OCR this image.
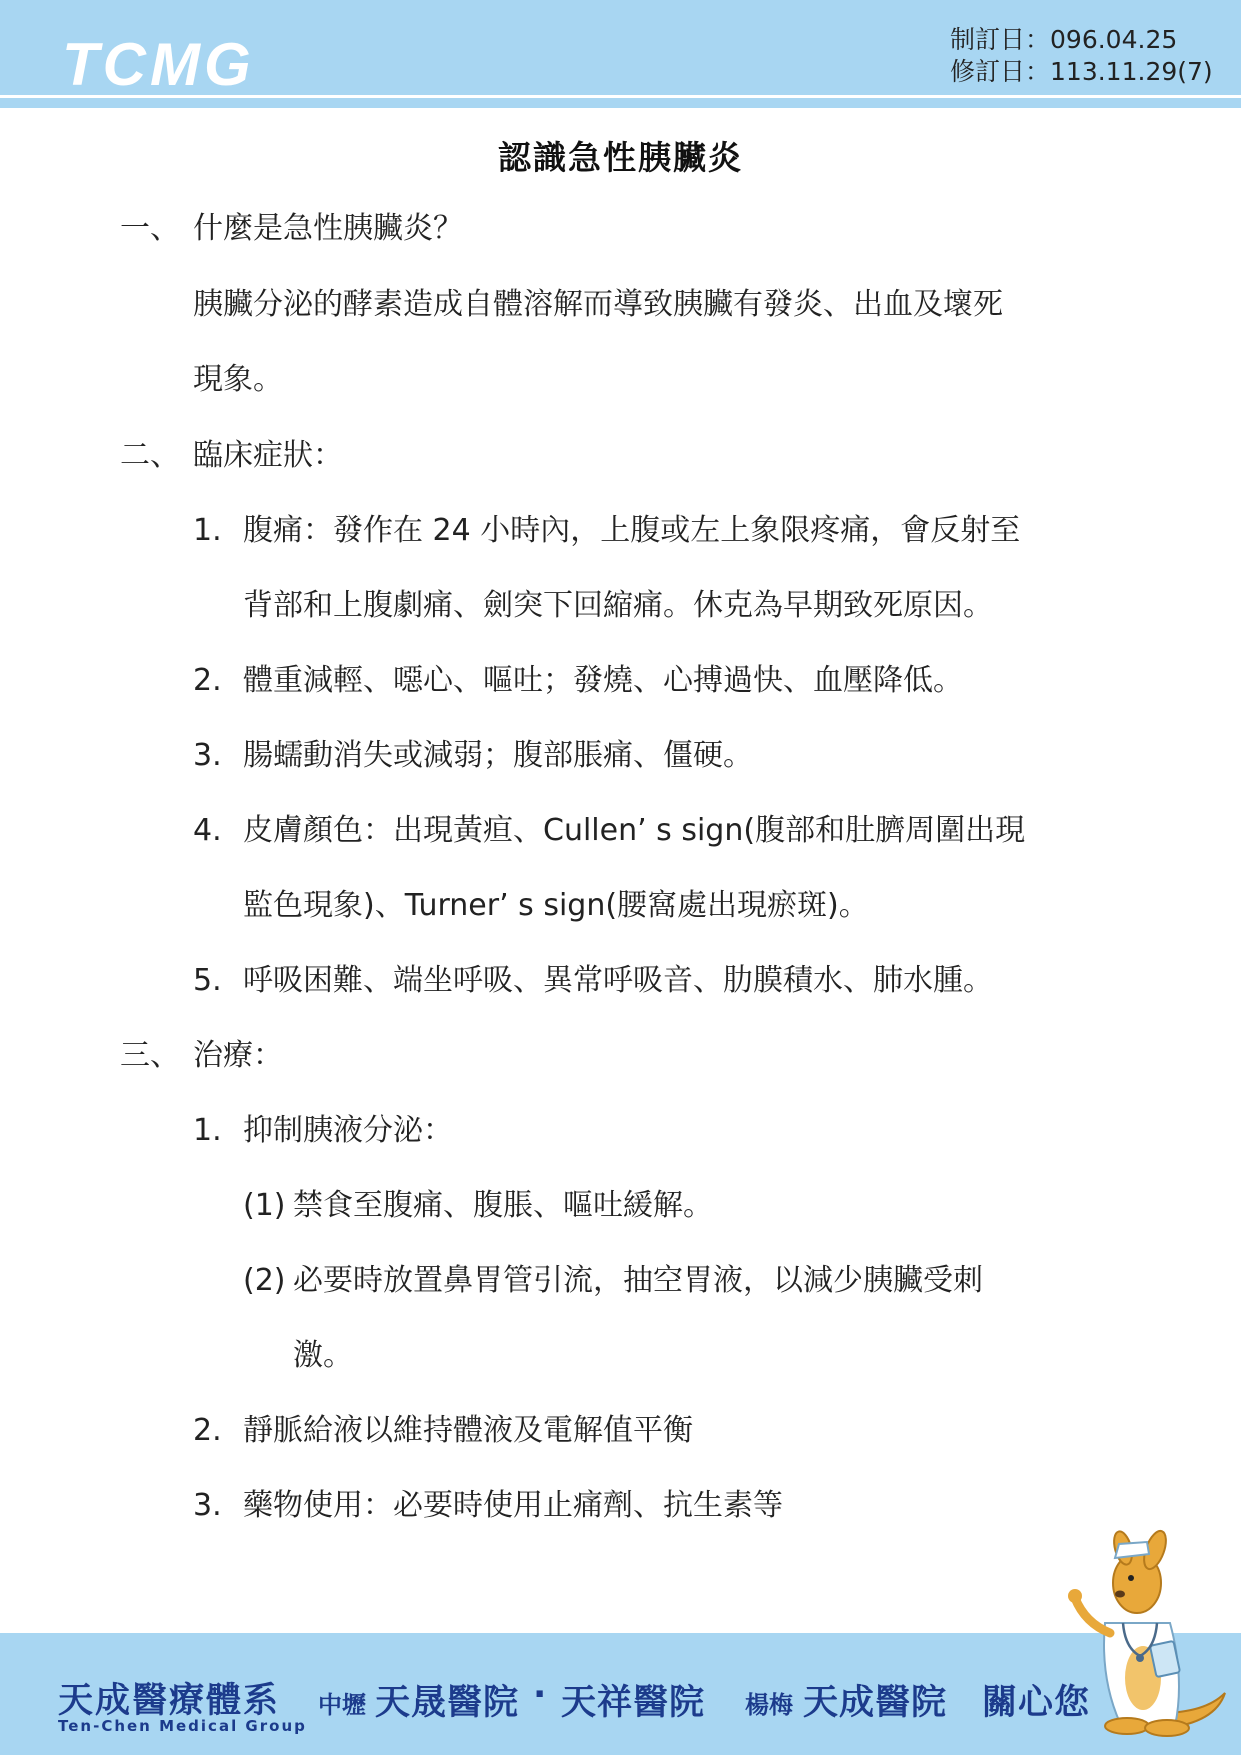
TCMG	制訂日： 096.04.25
修訂日： 113.11.29(7)
認識急性胰臟炎
一、 什麼是急性胰臟炎？
胰臟分泌的酵素造成自體溶解而導致胰臟有發炎、出血及壞死
現象。
二、 臨床症狀：
1. 腹痛：發作在 24 小時內，上腹或左上象限疼痛，會反射至
背部和上腹劇痛、劍突下回縮痛。休克為早期致死原因。
2. 體重減輕、噁心、嘔吐；發燒、心搏過快、血壓降低。
3. 腸蠕動消失或減弱；腹部脹痛、僵硬。
4. 皮膚顏色：出現黃疸、Cullen’ s sign(腹部和肚臍周圍出現
監色現象)、Turner’ s sign(腰窩處出現瘀斑)。
5. 呼吸困難、端坐呼吸、異常呼吸音、肋膜積水、肺水腫。
三、 治療：
1. 抑制胰液分泌：
(1) 禁食至腹痛、腹脹、嘔吐緩解。
(2) 必要時放置鼻胃管引流，抽空胃液，以減少胰臟受刺
激。
2. 靜脈給液以維持體液及電解值平衡
3. 藥物使用：必要時使用止痛劑、抗生素等
天成醫療體系
Ten-Chen Medical Group
中壢 天晟醫院 · 天祥醫院 楊梅 天成醫院 關心您
